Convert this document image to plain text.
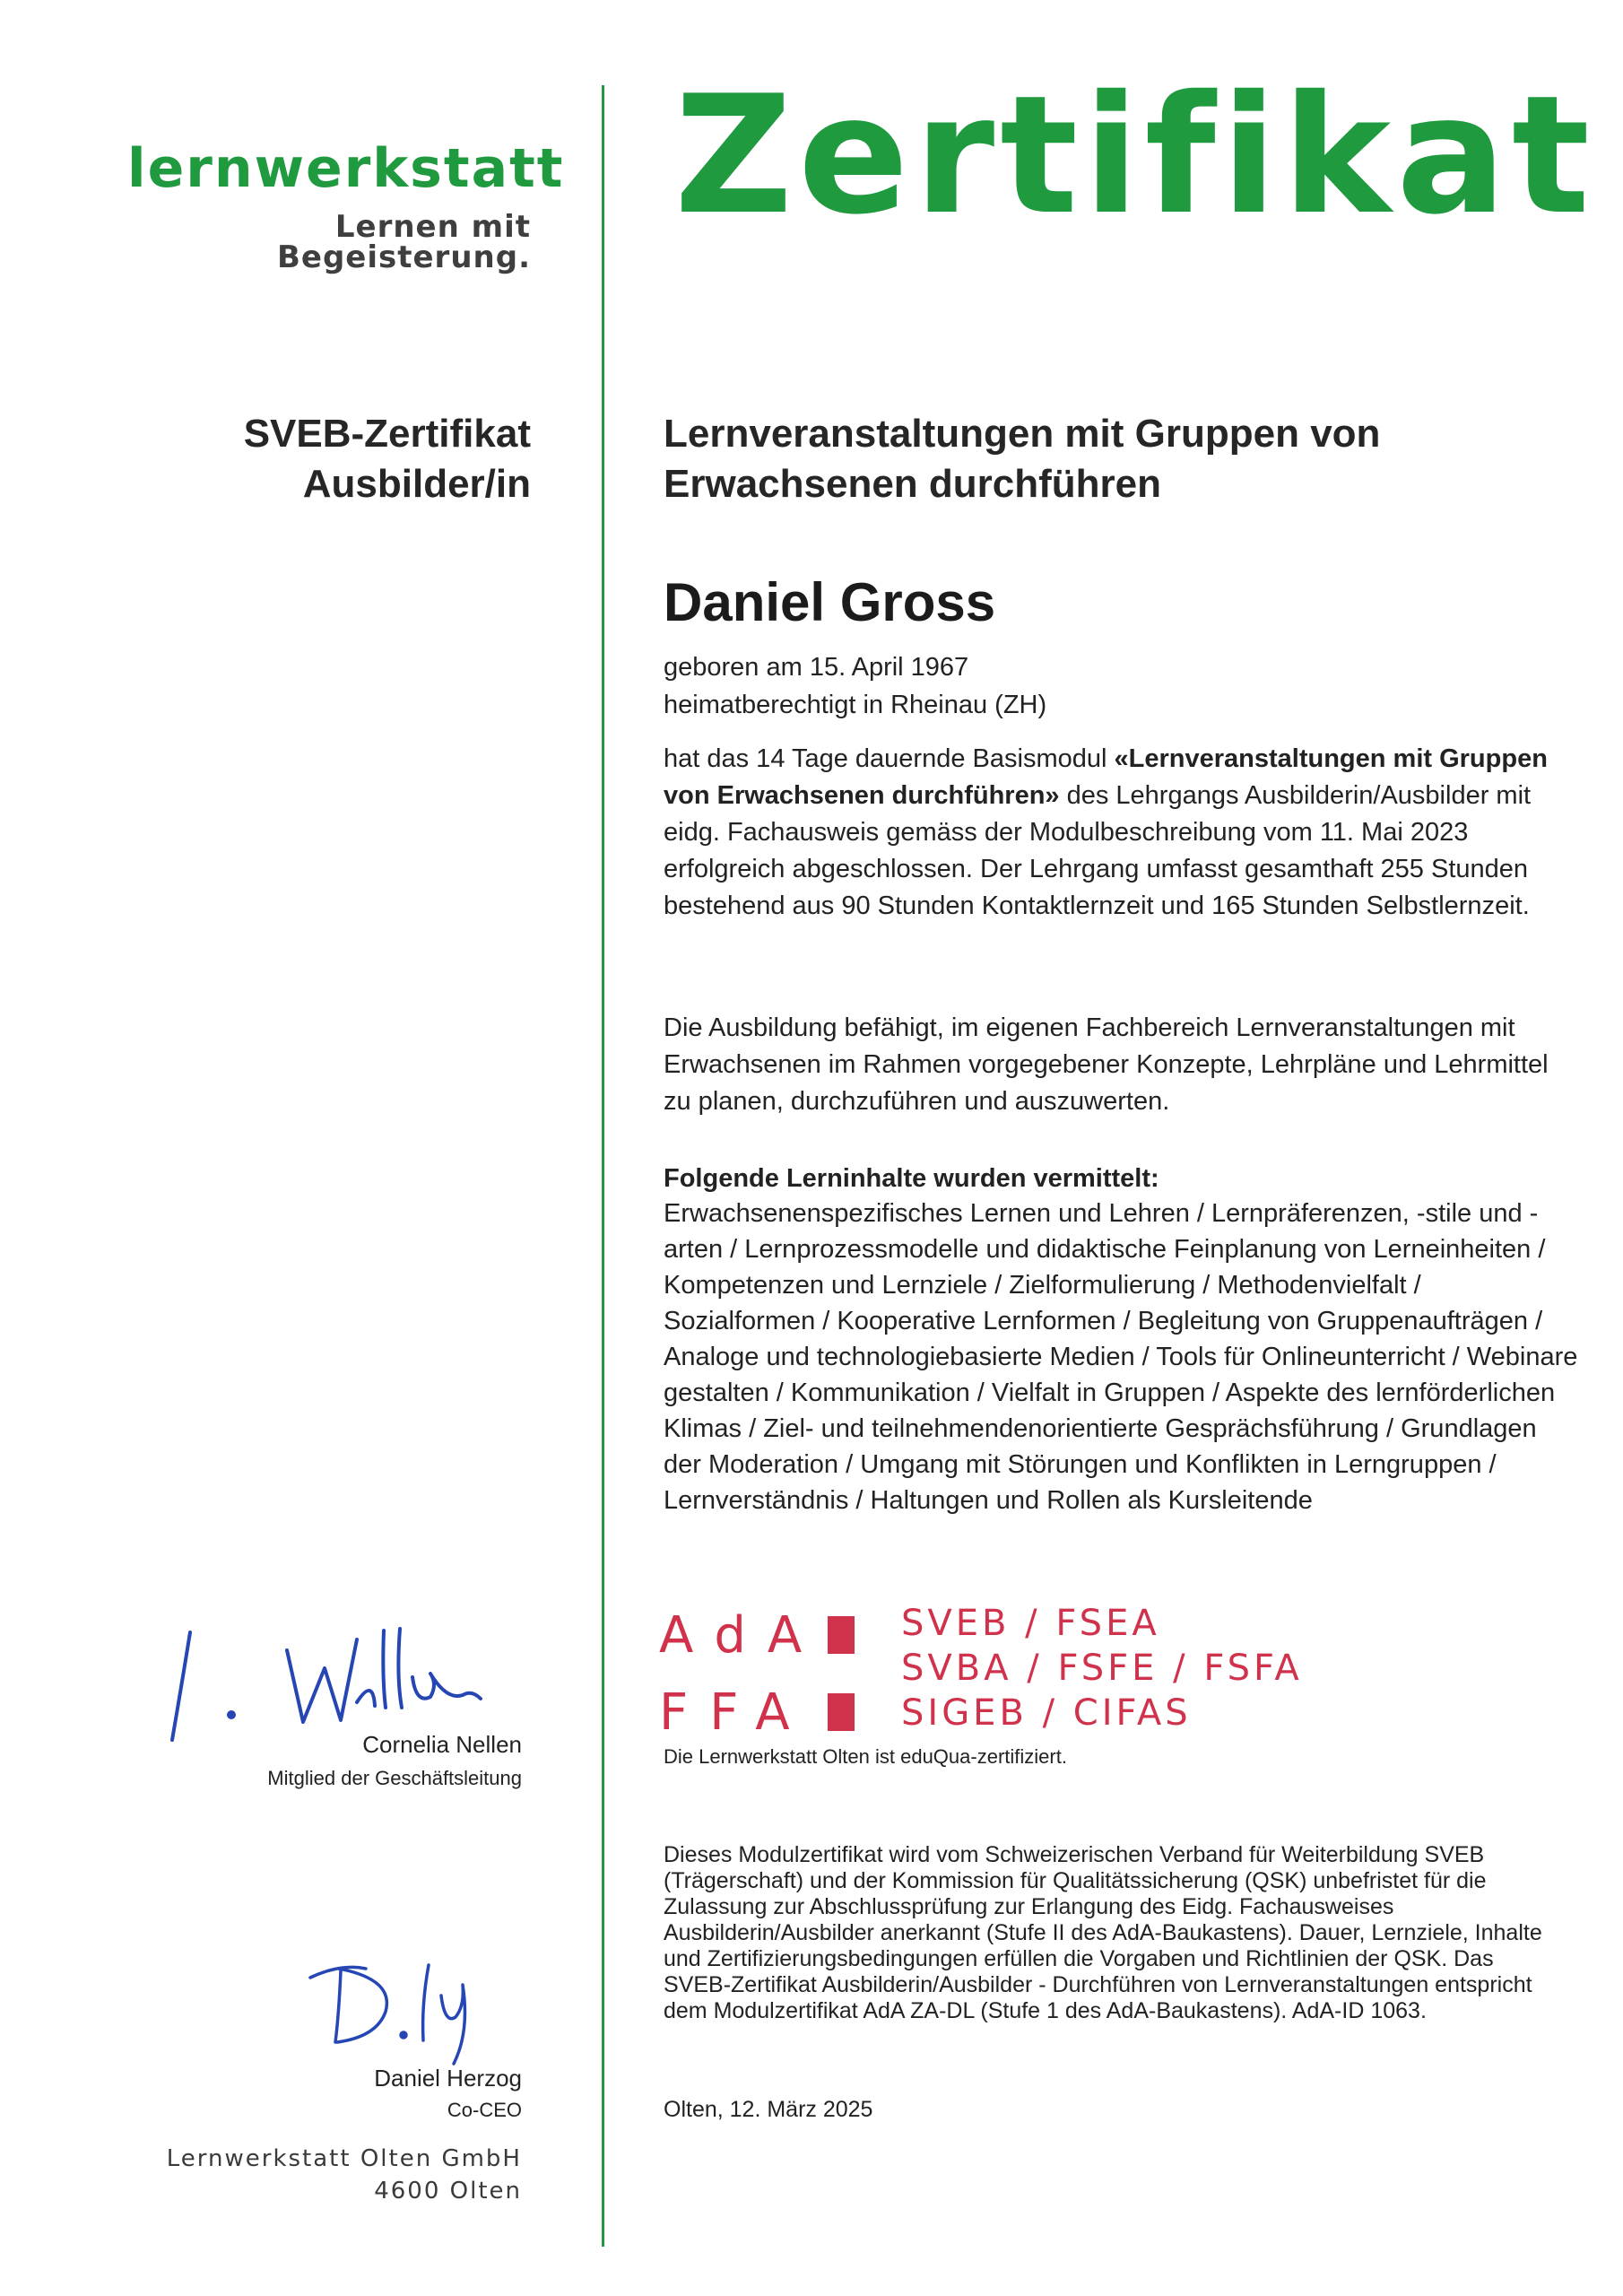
lernwerkstatt
Lernen mit Begeisterung.
Zertifikat
SVEB-Zertifikat
Ausbilder/in
Lernveranstaltungen mit Gruppen von
Erwachsenen durchführen
Daniel Gross
geboren am 15. April 1967
heimatberechtigt in Rheinau (ZH)
hat das 14 Tage dauernde Basismodul «Lernveranstaltungen mit Gruppen von Erwachsenen durchführen» des Lehrgangs Ausbilderin/Ausbilder mit eidg. Fachausweis gemäss der Modulbeschreibung vom 11. Mai 2023 erfolgreich abgeschlossen. Der Lehrgang umfasst gesamthaft 255 Stunden bestehend aus 90 Stunden Kontaktlernzeit und 165 Stunden Selbstlernzeit.
Die Ausbildung befähigt, im eigenen Fachbereich Lernveranstaltungen mit Erwachsenen im Rahmen vorgegebener Konzepte, Lehrpläne und Lehrmittel zu planen, durchzuführen und auszuwerten.
Folgende Lerninhalte wurden vermittelt:
Erwachsenenspezifisches Lernen und Lehren / Lernpräferenzen, -stile und -arten / Lernprozessmodelle und didaktische Feinplanung von Lerneinheiten / Kompetenzen und Lernziele / Zielformulierung / Methodenvielfalt / Sozialformen / Kooperative Lernformen / Begleitung von Gruppenaufträgen / Analoge und technologiebasierte Medien / Tools für Onlineunterricht / Webinare gestalten / Kommunikation / Vielfalt in Gruppen / Aspekte des lernförderlichen Klimas / Ziel- und teilnehmendenorientierte Gesprächsführung / Grundlagen der Moderation / Umgang mit Störungen und Konflikten in Lerngruppen / Lernverständnis / Haltungen und Rollen als Kursleitende
AdA
FFA
SVEB / FSEA
SVBA / FSFE / FSFA
SIGEB / CIFAS
Die Lernwerkstatt Olten ist eduQua-zertifiziert.
Dieses Modulzertifikat wird vom Schweizerischen Verband für Weiterbildung SVEB (Trägerschaft) und der Kommission für Qualitätssicherung (QSK) unbefristet für die Zulassung zur Abschlussprüfung zur Erlangung des Eidg. Fachausweises Ausbilderin/Ausbilder anerkannt (Stufe II des AdA-Baukastens). Dauer, Lernziele, Inhalte und Zertifizierungsbedingungen erfüllen die Vorgaben und Richtlinien der QSK. Das SVEB-Zertifikat Ausbilderin/Ausbilder - Durchführen von Lernveranstaltungen entspricht dem Modulzertifikat AdA ZA-DL (Stufe 1 des AdA-Baukastens). AdA-ID 1063.
Olten, 12. März 2025
Cornelia Nellen
Mitglied der Geschäftsleitung
Daniel Herzog
Co-CEO
Lernwerkstatt Olten GmbH
4600 Olten
